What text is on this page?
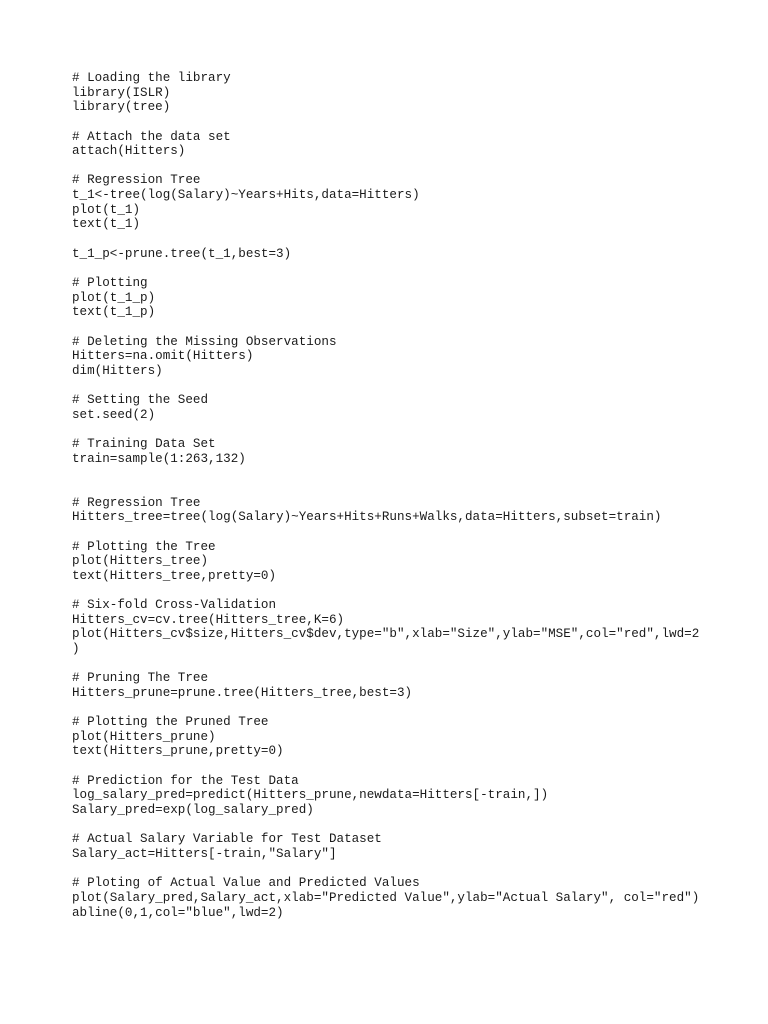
# Loading the library
library(ISLR)
library(tree)
# Attach the data set
attach(Hitters)
# Regression Tree
t_1<-tree(log(Salary)~Years+Hits,data=Hitters)
plot(t_1)
text(t_1)
t_1_p<-prune.tree(t_1,best=3)
# Plotting
plot(t_1_p)
text(t_1_p)
# Deleting the Missing Observations
Hitters=na.omit(Hitters)
dim(Hitters)
# Setting the Seed
set.seed(2)
# Training Data Set
train=sample(1:263,132)
# Regression Tree
Hitters_tree=tree(log(Salary)~Years+Hits+Runs+Walks,data=Hitters,subset=train)
# Plotting the Tree
plot(Hitters_tree)
text(Hitters_tree,pretty=0)
# Six-fold Cross-Validation
Hitters_cv=cv.tree(Hitters_tree,K=6)
plot(Hitters_cv$size,Hitters_cv$dev,type="b",xlab="Size",ylab="MSE",col="red",lwd=2
)
# Pruning The Tree
Hitters_prune=prune.tree(Hitters_tree,best=3)
# Plotting the Pruned Tree
plot(Hitters_prune)
text(Hitters_prune,pretty=0)
# Prediction for the Test Data
log_salary_pred=predict(Hitters_prune,newdata=Hitters[-train,])
Salary_pred=exp(log_salary_pred)
# Actual Salary Variable for Test Dataset
Salary_act=Hitters[-train,"Salary"]
# Ploting of Actual Value and Predicted Values
plot(Salary_pred,Salary_act,xlab="Predicted Value",ylab="Actual Salary", col="red")
abline(0,1,col="blue",lwd=2)
